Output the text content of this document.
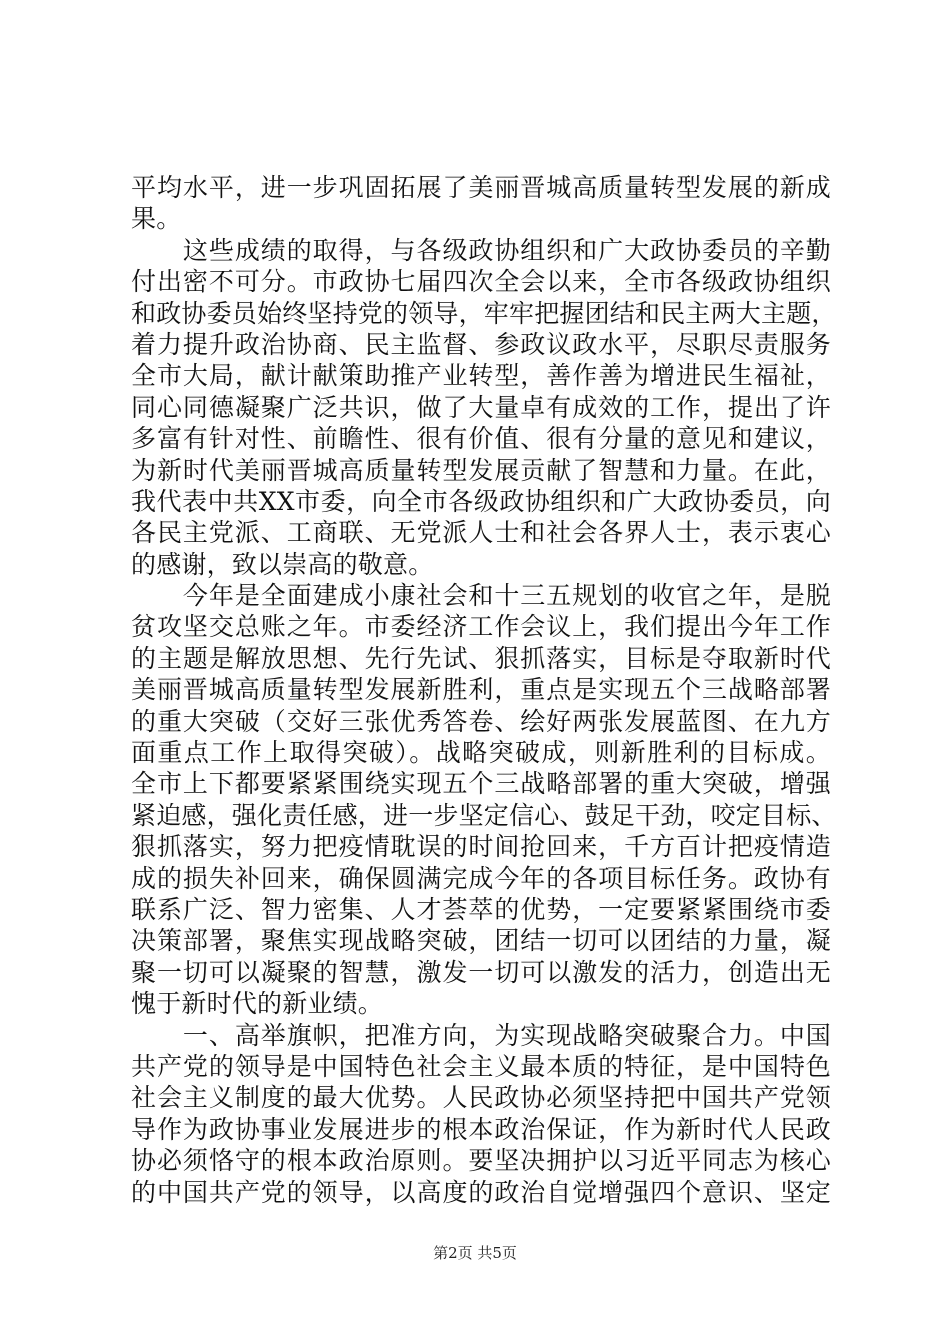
平均水平，进一步巩固拓展了美丽晋城高质量转型发展的新成
果。
　　这些成绩的取得，与各级政协组织和广大政协委员的辛勤
付出密不可分。市政协七届四次全会以来，全市各级政协组织
和政协委员始终坚持党的领导，牢牢把握团结和民主两大主题，
着力提升政治协商、民主监督、参政议政水平，尽职尽责服务
全市大局，献计献策助推产业转型，善作善为增进民生福祉，
同心同德凝聚广泛共识，做了大量卓有成效的工作，提出了许
多富有针对性、前瞻性、很有价值、很有分量的意见和建议，
为新时代美丽晋城高质量转型发展贡献了智慧和力量。在此，
我代表中共XX市委，向全市各级政协组织和广大政协委员，向
各民主党派、工商联、无党派人士和社会各界人士，表示衷心
的感谢，致以崇高的敬意。
　　今年是全面建成小康社会和十三五规划的收官之年，是脱
贫攻坚交总账之年。市委经济工作会议上，我们提出今年工作
的主题是解放思想、先行先试、狠抓落实，目标是夺取新时代
美丽晋城高质量转型发展新胜利，重点是实现五个三战略部署
的重大突破（交好三张优秀答卷、绘好两张发展蓝图、在九方
面重点工作上取得突破）。战略突破成，则新胜利的目标成。
全市上下都要紧紧围绕实现五个三战略部署的重大突破，增强
紧迫感，强化责任感，进一步坚定信心、鼓足干劲，咬定目标、
狠抓落实，努力把疫情耽误的时间抢回来，千方百计把疫情造
成的损失补回来，确保圆满完成今年的各项目标任务。政协有
联系广泛、智力密集、人才荟萃的优势，一定要紧紧围绕市委
决策部署，聚焦实现战略突破，团结一切可以团结的力量，凝
聚一切可以凝聚的智慧，激发一切可以激发的活力，创造出无
愧于新时代的新业绩。
　　一、高举旗帜，把准方向，为实现战略突破聚合力。中国
共产党的领导是中国特色社会主义最本质的特征，是中国特色
社会主义制度的最大优势。人民政协必须坚持把中国共产党领
导作为政协事业发展进步的根本政治保证，作为新时代人民政
协必须恪守的根本政治原则。要坚决拥护以习近平同志为核心
的中国共产党的领导，以高度的政治自觉增强四个意识、坚定
第2页 共5页
